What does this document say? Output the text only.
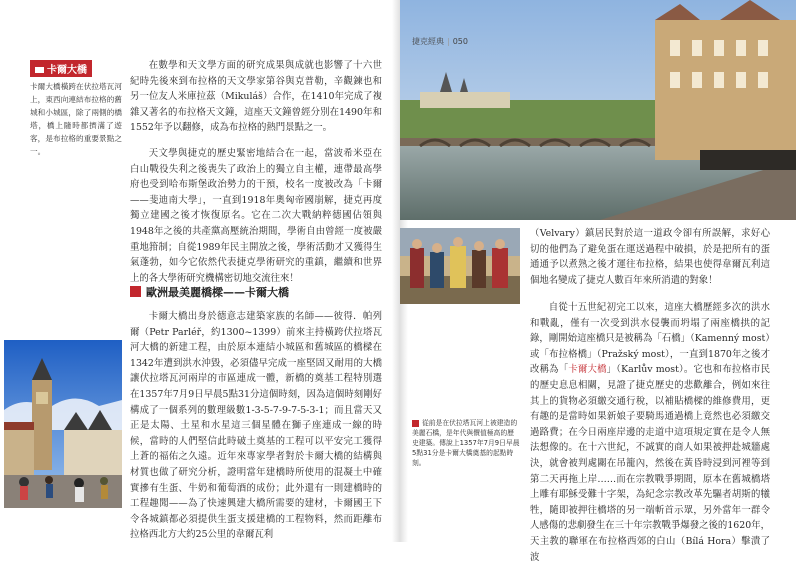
卡爾大橋
卡爾大橋橫跨在伏拉塔瓦河上，東西向連結布拉格的舊城和小城區，除了兩側的橋塔，橋上隨時都擠滿了遊客，是布拉格的重要景點之一。

在數學和天文學方面的研究成果與成就也影響了十六世紀時先後來到布拉格的天文學家第谷與克普勒，辛觀鍊也和另一位友人米庫拉茲（Mikuláš）合作，在1410年完成了複雜又著名的布拉格天文鐘，這座天文鐘曾經分別在1490年和1552年予以翻修，成為布拉格的熱門景點之一。

天文學與捷克的歷史緊密地結合在一起，當波希米亞在白山戰役失利之後喪失了政治上的獨立自主權，連帶最高學府也受到哈布斯堡政治勢力的干預，校名一度被改為「卡爾——斐迪南大學」，一直到1918年奧匈帝國崩解，捷克再度獨立建國之後才恢復原名。它在二次大戰納粹德國佔領與1948年之後的共產黨高壓統治期間，學術自由曾經一度被嚴重地箝制；自從1989年民主開放之後，學術活動才又獲得生氣蓬勃，如今它依然代表捷克學術研究的重鎮，繼續和世界上的各大學術研究機構密切地交流往來！

歐洲最美麗橋樑——卡爾大橋

卡爾大橋出身於德意志建築家族的名師——彼得．帕列爾（Petr Parléř，約1300~1399）前來主持橫跨伏拉塔瓦河大橋的新建工程，由於原本連結小城區和舊城區的橋樑在1342年遭到洪水沖毀，必須儘早完成一座堅固又耐用的大橋讓伏拉塔瓦河兩岸的市區連成一體，新橋的奠基工程特別選在1357年7月9日早晨5點31分這個時刻，因為這個時刻剛好構成了一個系列的數理級數1-3-5-7-9-7-5-3-1；而且當天又正是太陽、土星和水星這三個星體在獅子座連成一線的時候，當時的人們堅信此時破土奠基的工程可以平安完工獲得上蒼的福佑之久遠。近年來專家學者對於卡爾大橋的結構與材質也做了研究分析，證明當年建橋時所使用的混凝土中確實摻有生蛋、牛奶和葡萄酒的成份；此外還有一則建橋時的工程趣聞——為了快速興建大橋所需要的建材，卡爾國王下令各城鎮都必須提供生蛋支援建橋的工程物料，然而距離布拉格西北方大約25公里的韋爾瓦利

捷克經典 | 050
（Velvary）鎮居民對於這一道政令卻有所誤解，求好心切的他們為了避免蛋在運送過程中破損，於是把所有的蛋通通予以煮熟之後才運往布拉格，結果也使得韋爾瓦利這個地名變成了捷克人數百年來所消遣的對象！

自從十五世紀初完工以來，這座大橋歷經多次的洪水和戰亂，僅有一次受到洪水侵襲而坍塌了兩座橋拱的記錄，剛開始這座橋只是被稱為「石橋」（Kamenný most）或「布拉格橋」（Pražský most），一直到1870年之後才改稱為「卡爾大橋」（Karlův most）。它也和布拉格市民的歷史息息相關，見證了捷克歷史的悲歡離合，例如來往其上的貨物必須繳交通行稅，以補貼橋樑的維修費用，更有趣的是當時如果新娘子要騎馬通過橋上竟然也必須繳交過路費；在今日兩座岸邊的走道中這項規定實在是令人無法想像的。在十六世紀，不誠實的商人如果被押赴城牆處決，就會被判處關在吊籠內，然後在黃昏時浸到河裡等到第二天再拖上岸……而在宗教戰爭期間，原本在舊城橋塔上雕有耶穌受難十字架，為紀念宗教改革先驅者胡斯的犧牲，隨即被押往橋塔的另一端斬首示眾，另外當年一群令人感傷的悲劇發生在三十年宗教戰爭爆發之後的1620年，天主教的聯軍在布拉格西郊的白山（Bílá Hora）擊潰了波

從前是在伏拉塔瓦河上被建造的美麗石橋，是年代與價值極高的歷史建築。傳說上1357年7月9日早晨5點31分是卡爾大橋奠基的起點時刻。
